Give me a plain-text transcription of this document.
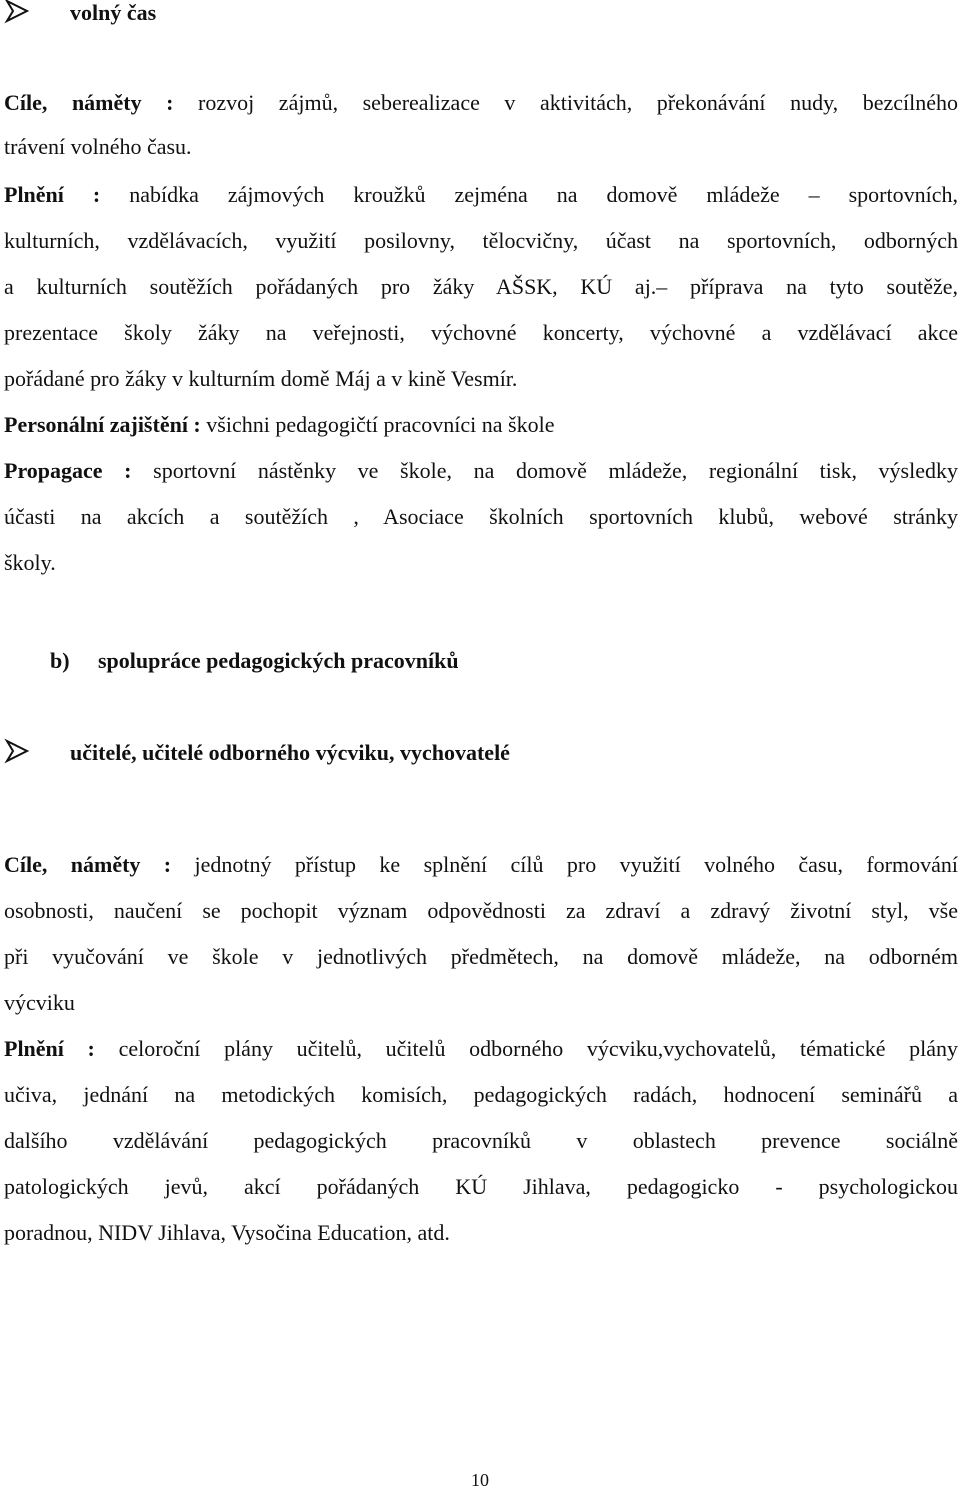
volný čas
Cíle, náměty : rozvoj zájmů, seberealizace v aktivitách, překonávání nudy, bezcílného
trávení volného času.
Plnění : nabídka zájmových kroužků zejména na domově mládeže – sportovních,
kulturních, vzdělávacích, využití posilovny, tělocvičny, účast na sportovních, odborných
a kulturních soutěžích pořádaných pro žáky AŠSK, KÚ aj.– příprava na tyto soutěže,
prezentace školy žáky na veřejnosti, výchovné koncerty, výchovné a vzdělávací akce
pořádané pro žáky v kulturním domě Máj a v kině Vesmír.
Personální zajištění : všichni pedagogičtí pracovníci na škole
Propagace : sportovní nástěnky ve škole, na domově mládeže, regionální tisk, výsledky
účasti na akcích a soutěžích , Asociace školních sportovních klubů, webové stránky
školy.
b) spolupráce pedagogických pracovníků
učitelé, učitelé odborného výcviku, vychovatelé
Cíle, náměty : jednotný přístup ke splnění cílů pro využití volného času, formování
osobnosti, naučení se pochopit význam odpovědnosti za zdraví a zdravý životní styl, vše
při vyučování ve škole v jednotlivých předmětech, na domově mládeže, na odborném
výcviku
Plnění : celoroční plány učitelů, učitelů odborného výcviku,vychovatelů, tématické plány
učiva, jednání na metodických komisích, pedagogických radách, hodnocení seminářů a
dalšího vzdělávání pedagogických pracovníků v oblastech prevence sociálně
patologických jevů, akcí pořádaných KÚ Jihlava, pedagogicko - psychologickou
poradnou, NIDV Jihlava, Vysočina Education, atd.
10
